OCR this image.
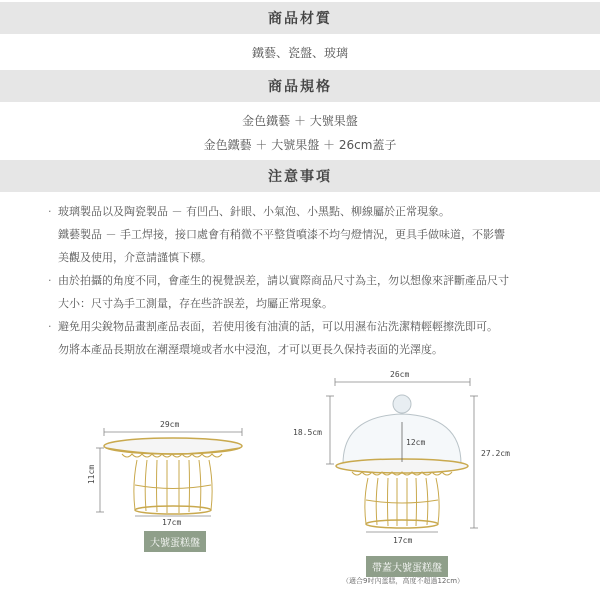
商品材質
鐵藝、瓷盤、玻璃
商品規格
金色鐵藝 ＋ 大號果盤
金色鐵藝 ＋ 大號果盤 ＋ 26cm蓋子
注意事項
· 玻璃製品以及陶瓷製品 － 有凹凸、針眼、小氣泡、小黑點、柳線屬於正常現象。
鐵藝製品 － 手工焊接，接口處會有稍微不平整貨噴漆不均勻燈情況，更具手做味道，不影響
美觀及使用，介意請謹慎下標。
· 由於拍攝的角度不同，會產生的視覺誤差，請以實際商品尺寸為主，勿以想像來評斷產品尺寸
大小：尺寸為手工測量，存在些許誤差，均屬正常現象。
· 避免用尖銳物品畫割產品表面，若使用後有油漬的話，可以用濕布沾洗潔精輕輕擦洗即可。
勿將本產品長期放在潮溼環境或者水中浸泡，才可以更長久保持表面的光澤度。
29cm
11cm
17cm
大號蛋糕盤
26cm
18.5cm
12cm
27.2cm
17cm
帶蓋大號蛋糕盤
（適合9吋內蛋糕，高度不超過12cm）
